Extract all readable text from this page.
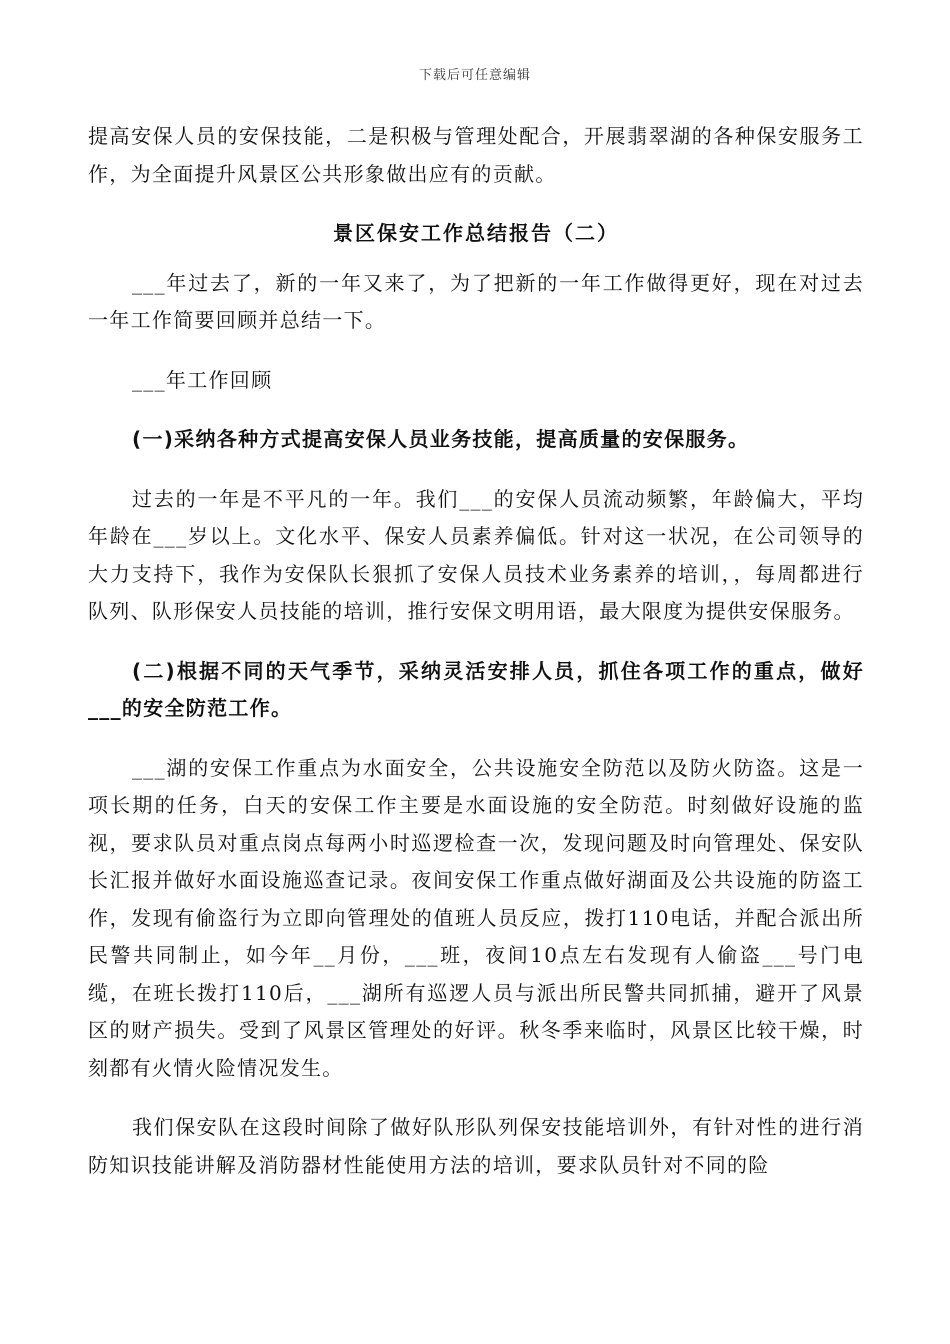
下载后可任意编辑

提高安保人员的安保技能，二是积极与管理处配合，开展翡翠湖的各种保安服务工作，为全面提升风景区公共形象做出应有的贡献。

景区保安工作总结报告（二）

___年过去了，新的一年又来了，为了把新的一年工作做得更好，现在对过去一年工作简要回顾并总结一下。

___年工作回顾

(一)采纳各种方式提高安保人员业务技能，提高质量的安保服务。

过去的一年是不平凡的一年。我们___的安保人员流动频繁，年龄偏大，平均年龄在___岁以上。文化水平、保安人员素养偏低。针对这一状况，在公司领导的大力支持下，我作为安保队长狠抓了安保人员技术业务素养的培训，，每周都进行队列、队形保安人员技能的培训，推行安保文明用语，最大限度为提供安保服务。

(二)根据不同的天气季节，采纳灵活安排人员，抓住各项工作的重点，做好___的安全防范工作。

___湖的安保工作重点为水面安全，公共设施安全防范以及防火防盗。这是一项长期的任务，白天的安保工作主要是水面设施的安全防范。时刻做好设施的监视，要求队员对重点岗点每两小时巡逻检查一次，发现问题及时向管理处、保安队长汇报并做好水面设施巡查记录。夜间安保工作重点做好湖面及公共设施的防盗工作，发现有偷盗行为立即向管理处的值班人员反应，拨打110电话，并配合派出所民警共同制止，如今年__月份，___班，夜间10点左右发现有人偷盗___号门电缆，在班长拨打110后，___湖所有巡逻人员与派出所民警共同抓捕，避开了风景区的财产损失。受到了风景区管理处的好评。秋冬季来临时，风景区比较干燥，时刻都有火情火险情况发生。

我们保安队在这段时间除了做好队形队列保安技能培训外，有针对性的进行消防知识技能讲解及消防器材性能使用方法的培训，要求队员针对不同的险
